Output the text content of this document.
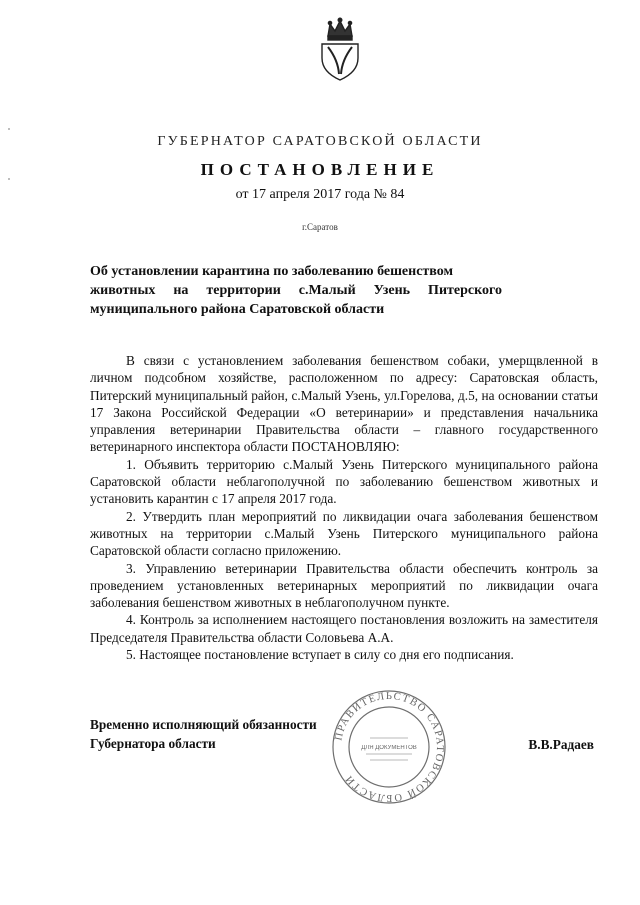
ГУБЕРНАТОР САРАТОВСКОЙ ОБЛАСТИ
ПОСТАНОВЛЕНИЕ
от 17 апреля 2017 года № 84
г.Саратов
Об установлении карантина по заболеванию бешенством
животных на территории с.Малый Узень Питерского
муниципального района Саратовской области

В связи с установлением заболевания бешенством собаки, умерщвленной в личном подсобном хозяйстве, расположенном по адресу: Саратовская область, Питерский муниципальный район, с.Малый Узень, ул.Горелова, д.5, на основании статьи 17 Закона Российской Федерации «О ветеринарии» и представления начальника управления ветеринарии Правительства области – главного государственного ветеринарного инспектора области ПОСТАНОВЛЯЮ:

1. Объявить территорию с.Малый Узень Питерского муниципального района Саратовской области неблагополучной по заболеванию бешенством животных и установить карантин с 17 апреля 2017 года.

2. Утвердить план мероприятий по ликвидации очага заболевания бешенством животных на территории с.Малый Узень Питерского муниципального района Саратовской области согласно приложению.

3. Управлению ветеринарии Правительства области обеспечить контроль за проведением установленных ветеринарных мероприятий по ликвидации очага заболевания бешенством животных в неблагополучном пункте.

4. Контроль за исполнением настоящего постановления возложить на заместителя Председателя Правительства области Соловьева А.А.

5. Настоящее постановление вступает в силу со дня его подписания.

Временно исполняющий обязанности
Губернатора области	В.В.Радаев
ПРАВИТЕЛЬСТВО САРАТОВСКОЙ ОБЛАСТИ
ДЛЯ ДОКУМЕНТОВ
